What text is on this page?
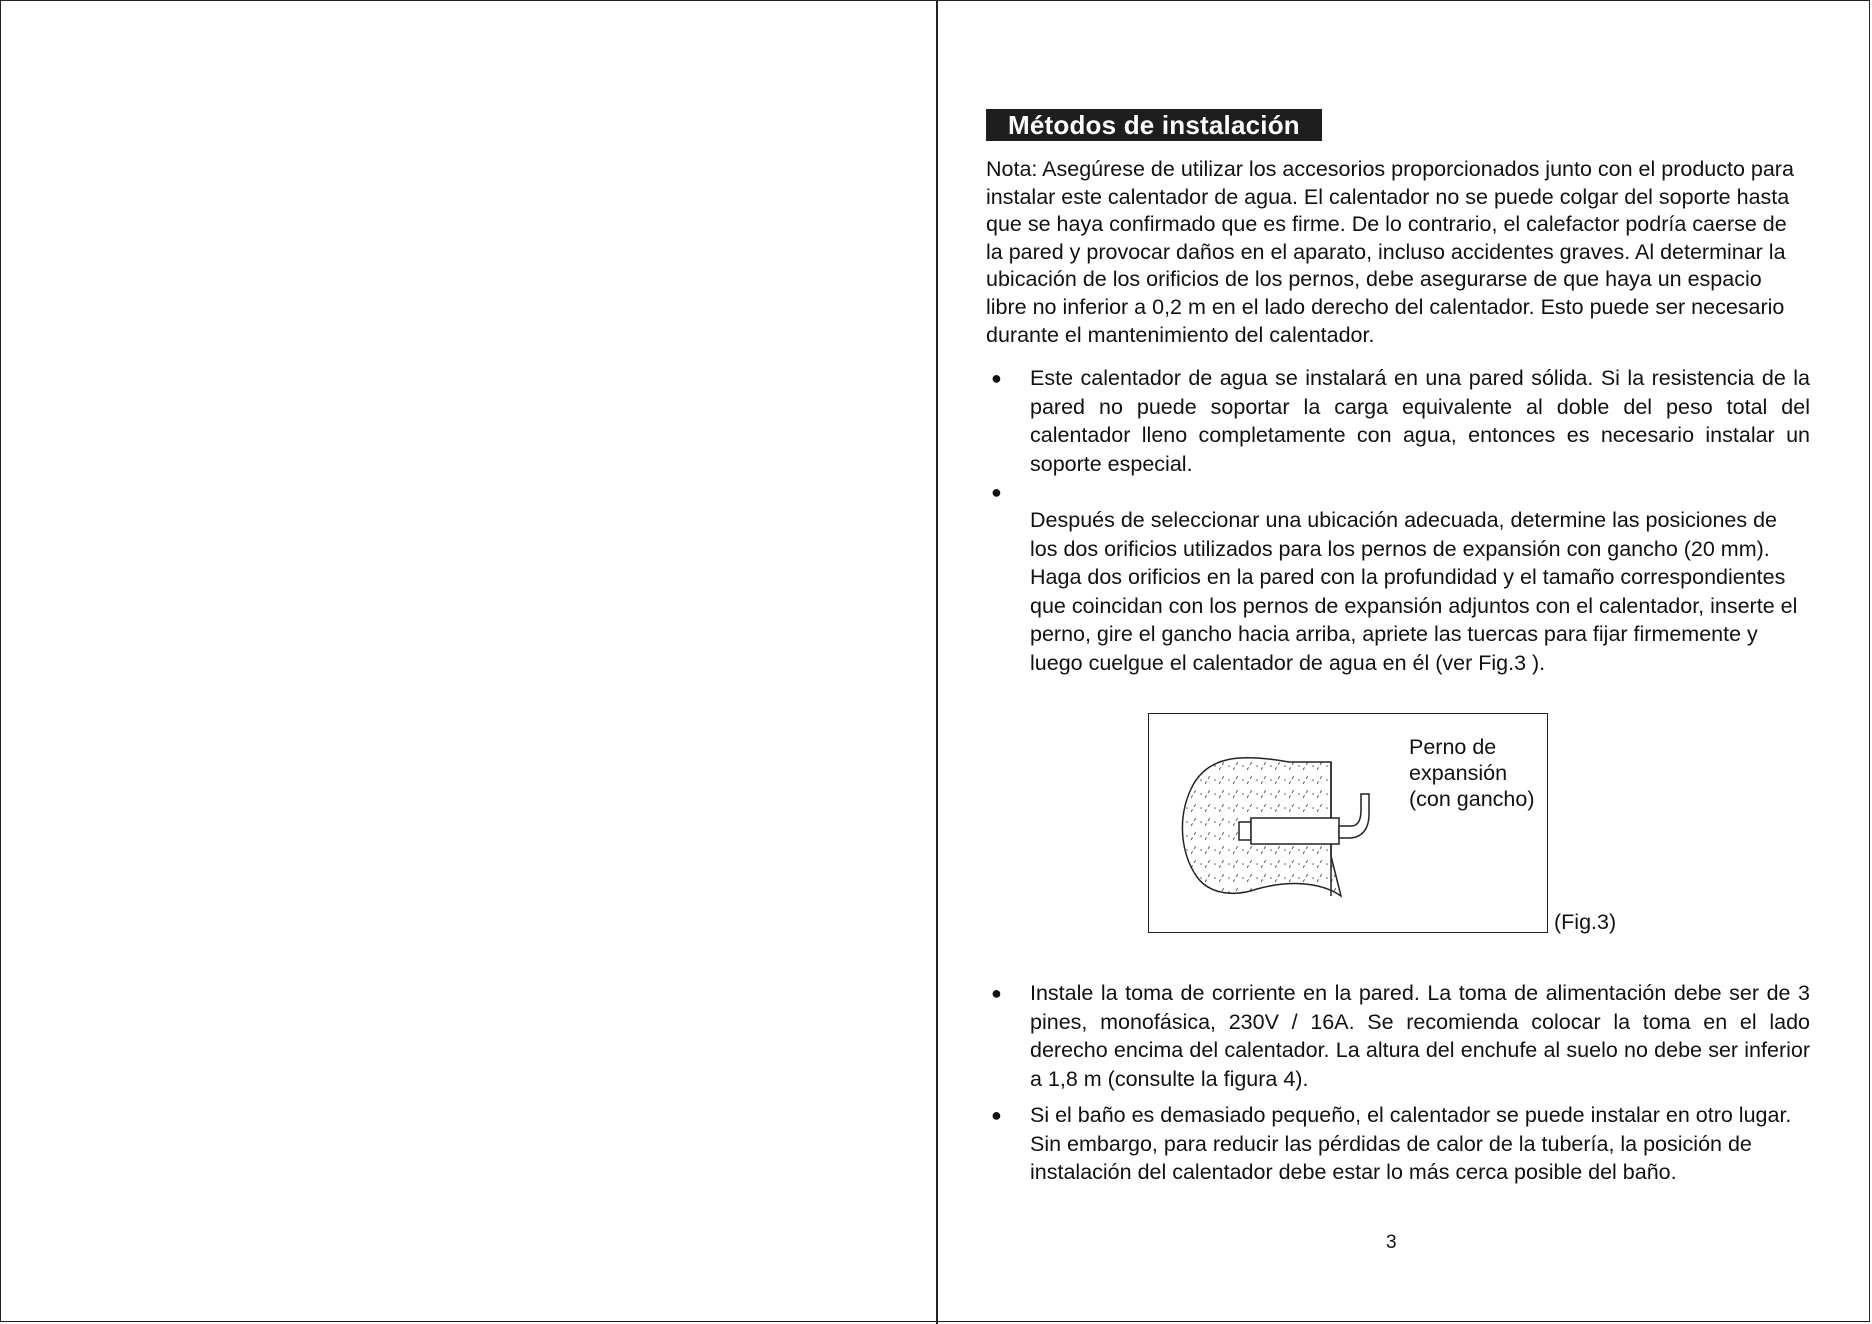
Métodos de instalación

Nota: Asegúrese de utilizar los accesorios proporcionados junto con el producto para instalar este calentador de agua. El calentador no se puede colgar del soporte hasta que se haya confirmado que es firme. De lo contrario, el calefactor podría caerse de la pared y provocar daños en el aparato, incluso accidentes graves. Al determinar la ubicación de los orificios de los pernos, debe asegurarse de que haya un espacio libre no inferior a 0,2 m en el lado derecho del calentador. Esto puede ser necesario durante el mantenimiento del calentador.

● Este calentador de agua se instalará en una pared sólida. Si la resistencia de la pared no puede soportar la carga equivalente al doble del peso total del calentador lleno completamente con agua, entonces es necesario instalar un soporte especial.
●
Después de seleccionar una ubicación adecuada, determine las posiciones de los dos orificios utilizados para los pernos de expansión con gancho (20 mm). Haga dos orificios en la pared con la profundidad y el tamaño correspondientes que coincidan con los pernos de expansión adjuntos con el calentador, inserte el perno, gire el gancho hacia arriba, apriete las tuercas para fijar firmemente y luego cuelgue el calentador de agua en él (ver Fig.3 ).
Perno de
expansión
(con gancho)
(Fig.3)
● Instale la toma de corriente en la pared. La toma de alimentación debe ser de 3 pines, monofásica, 230V / 16A. Se recomienda colocar la toma en el lado derecho encima del calentador. La altura del enchufe al suelo no debe ser inferior a 1,8 m (consulte la figura 4).
● Si el baño es demasiado pequeño, el calentador se puede instalar en otro lugar. Sin embargo, para reducir las pérdidas de calor de la tubería, la posición de instalación del calentador debe estar lo más cerca posible del baño.
3
